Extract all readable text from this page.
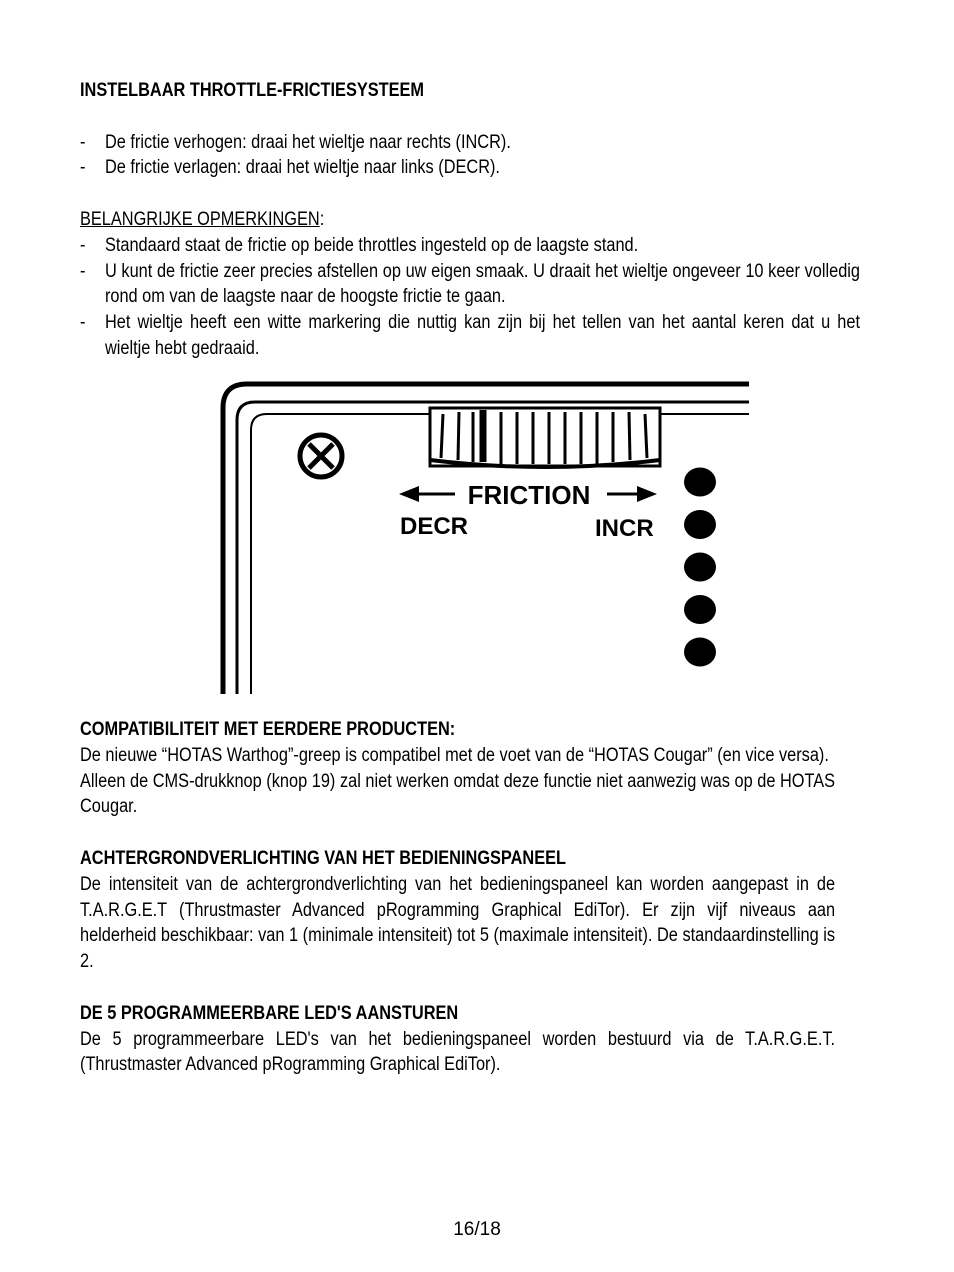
INSTELBAAR THROTTLE-FRICTIESYSTEEM
- De frictie verhogen: draai het wieltje naar rechts (INCR).
- De frictie verlagen: draai het wieltje naar links (DECR).
BELANGRIJKE OPMERKINGEN:
- Standaard staat de frictie op beide throttles ingesteld op de laagste stand.
- U kunt de frictie zeer precies afstellen op uw eigen smaak. U draait het wieltje ongeveer 10 keer volledig rond om van de laagste naar de hoogste frictie te gaan.
- Het wieltje heeft een witte markering die nuttig kan zijn bij het tellen van het aantal keren dat u het wieltje hebt gedraaid.
FRICTION
DECR	INCR
COMPATIBILITEIT MET EERDERE PRODUCTEN:
De nieuwe “HOTAS Warthog”-greep is compatibel met de voet van de “HOTAS Cougar” (en vice versa).
Alleen de CMS-drukknop (knop 19) zal niet werken omdat deze functie niet aanwezig was op de HOTAS Cougar.
ACHTERGRONDVERLICHTING VAN HET BEDIENINGSPANEEL
De intensiteit van de achtergrondverlichting van het bedieningspaneel kan worden aangepast in de T.A.R.G.E.T (Thrustmaster Advanced pRogramming Graphical EdiTor). Er zijn vijf niveaus aan helderheid beschikbaar: van 1 (minimale intensiteit) tot 5 (maximale intensiteit). De standaardinstelling is 2.
DE 5 PROGRAMMEERBARE LED'S AANSTUREN
De 5 programmeerbare LED's van het bedieningspaneel worden bestuurd via de T.A.R.G.E.T. (Thrustmaster Advanced pRogramming Graphical EdiTor).
16/18
